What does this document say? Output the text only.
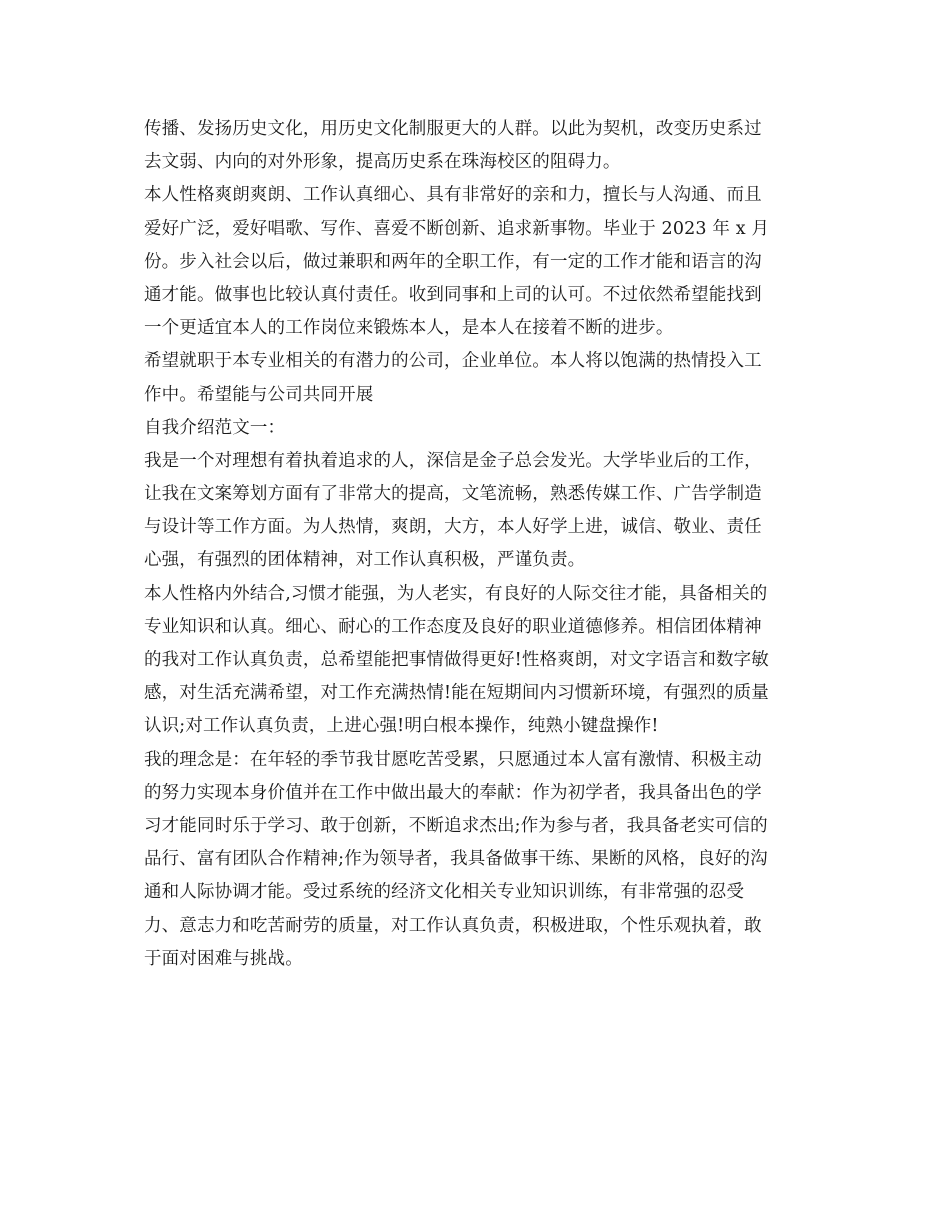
传播、发扬历史文化，用历史文化制服更大的人群。以此为契机，改变历史系过
去文弱、内向的对外形象，提高历史系在珠海校区的阻碍力。
本人性格爽朗爽朗、工作认真细心、具有非常好的亲和力，擅长与人沟通、而且
爱好广泛，爱好唱歌、写作、喜爱不断创新、追求新事物。毕业于 2023 年 x 月
份。步入社会以后，做过兼职和两年的全职工作，有一定的工作才能和语言的沟
通才能。做事也比较认真付责任。收到同事和上司的认可。不过依然希望能找到
一个更适宜本人的工作岗位来锻炼本人，是本人在接着不断的进步。
希望就职于本专业相关的有潜力的公司，企业单位。本人将以饱满的热情投入工
作中。希望能与公司共同开展
自我介绍范文一：
我是一个对理想有着执着追求的人，深信是金子总会发光。大学毕业后的工作，
让我在文案筹划方面有了非常大的提高，文笔流畅，熟悉传媒工作、广告学制造
与设计等工作方面。为人热情，爽朗，大方，本人好学上进，诚信、敬业、责任
心强，有强烈的团体精神，对工作认真积极，严谨负责。
本人性格内外结合,习惯才能强，为人老实，有良好的人际交往才能，具备相关的
专业知识和认真。细心、耐心的工作态度及良好的职业道德修养。相信团体精神
的我对工作认真负责，总希望能把事情做得更好!性格爽朗，对文字语言和数字敏
感，对生活充满希望，对工作充满热情!能在短期间内习惯新环境，有强烈的质量
认识;对工作认真负责，上进心强!明白根本操作，纯熟小键盘操作!
我的理念是：在年轻的季节我甘愿吃苦受累，只愿通过本人富有激情、积极主动
的努力实现本身价值并在工作中做出最大的奉献：作为初学者，我具备出色的学
习才能同时乐于学习、敢于创新，不断追求杰出;作为参与者，我具备老实可信的
品行、富有团队合作精神;作为领导者，我具备做事干练、果断的风格，良好的沟
通和人际协调才能。受过系统的经济文化相关专业知识训练，有非常强的忍受
力、意志力和吃苦耐劳的质量，对工作认真负责，积极进取，个性乐观执着，敢
于面对困难与挑战。
